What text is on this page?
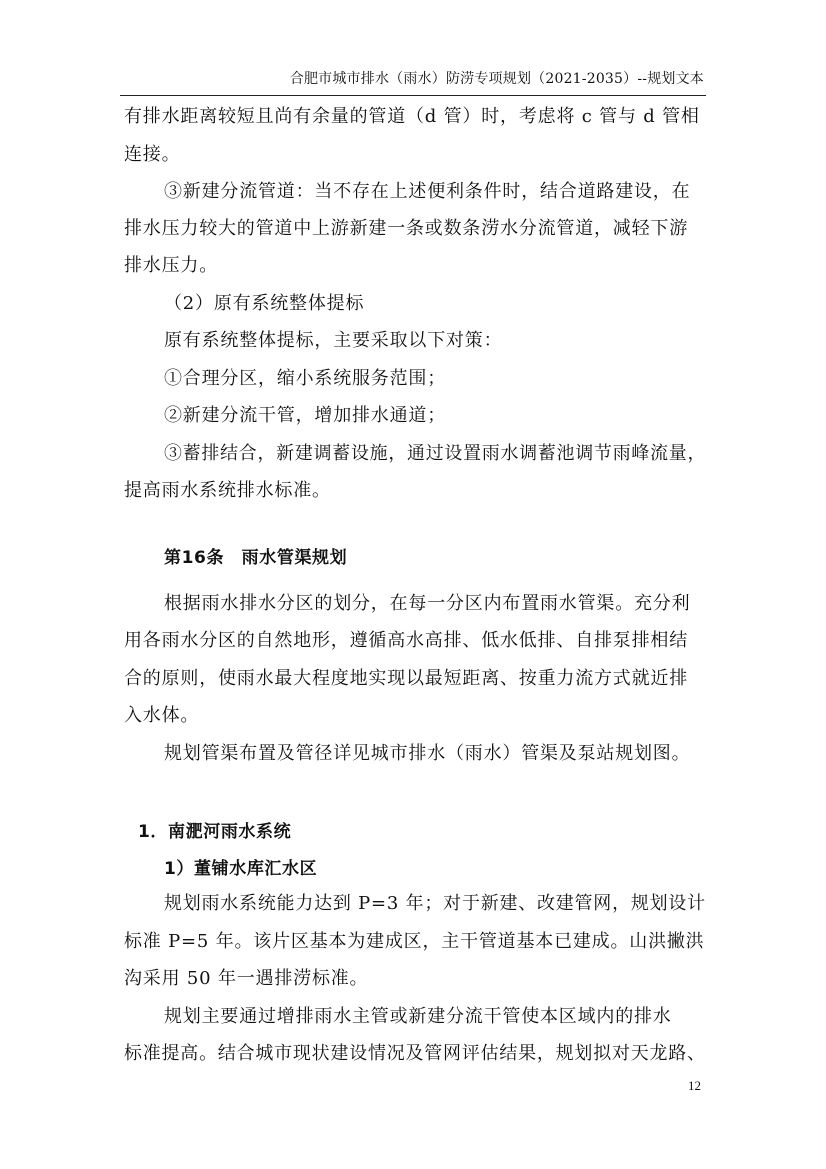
合肥市城市排水（雨水）防涝专项规划（2021-2035）--规划文本
有排水距离较短且尚有余量的管道（d 管）时，考虑将 c 管与 d 管相
连接。
③新建分流管道：当不存在上述便利条件时，结合道路建设，在
排水压力较大的管道中上游新建一条或数条涝水分流管道，减轻下游
排水压力。
（2）原有系统整体提标
原有系统整体提标，主要采取以下对策：
①合理分区，缩小系统服务范围；
②新建分流干管，增加排水通道；
③蓄排结合，新建调蓄设施，通过设置雨水调蓄池调节雨峰流量，
提高雨水系统排水标准。
第16条　雨水管渠规划
根据雨水排水分区的划分，在每一分区内布置雨水管渠。充分利
用各雨水分区的自然地形，遵循高水高排、低水低排、自排泵排相结
合的原则，使雨水最大程度地实现以最短距离、按重力流方式就近排
入水体。
规划管渠布置及管径详见城市排水（雨水）管渠及泵站规划图。
1．南淝河雨水系统
1）董铺水库汇水区
规划雨水系统能力达到 P=3 年；对于新建、改建管网，规划设计
标准 P=5 年。该片区基本为建成区，主干管道基本已建成。山洪撇洪
沟采用 50 年一遇排涝标准。
规划主要通过增排雨水主管或新建分流干管使本区域内的排水
标准提高。结合城市现状建设情况及管网评估结果，规划拟对天龙路、
12
